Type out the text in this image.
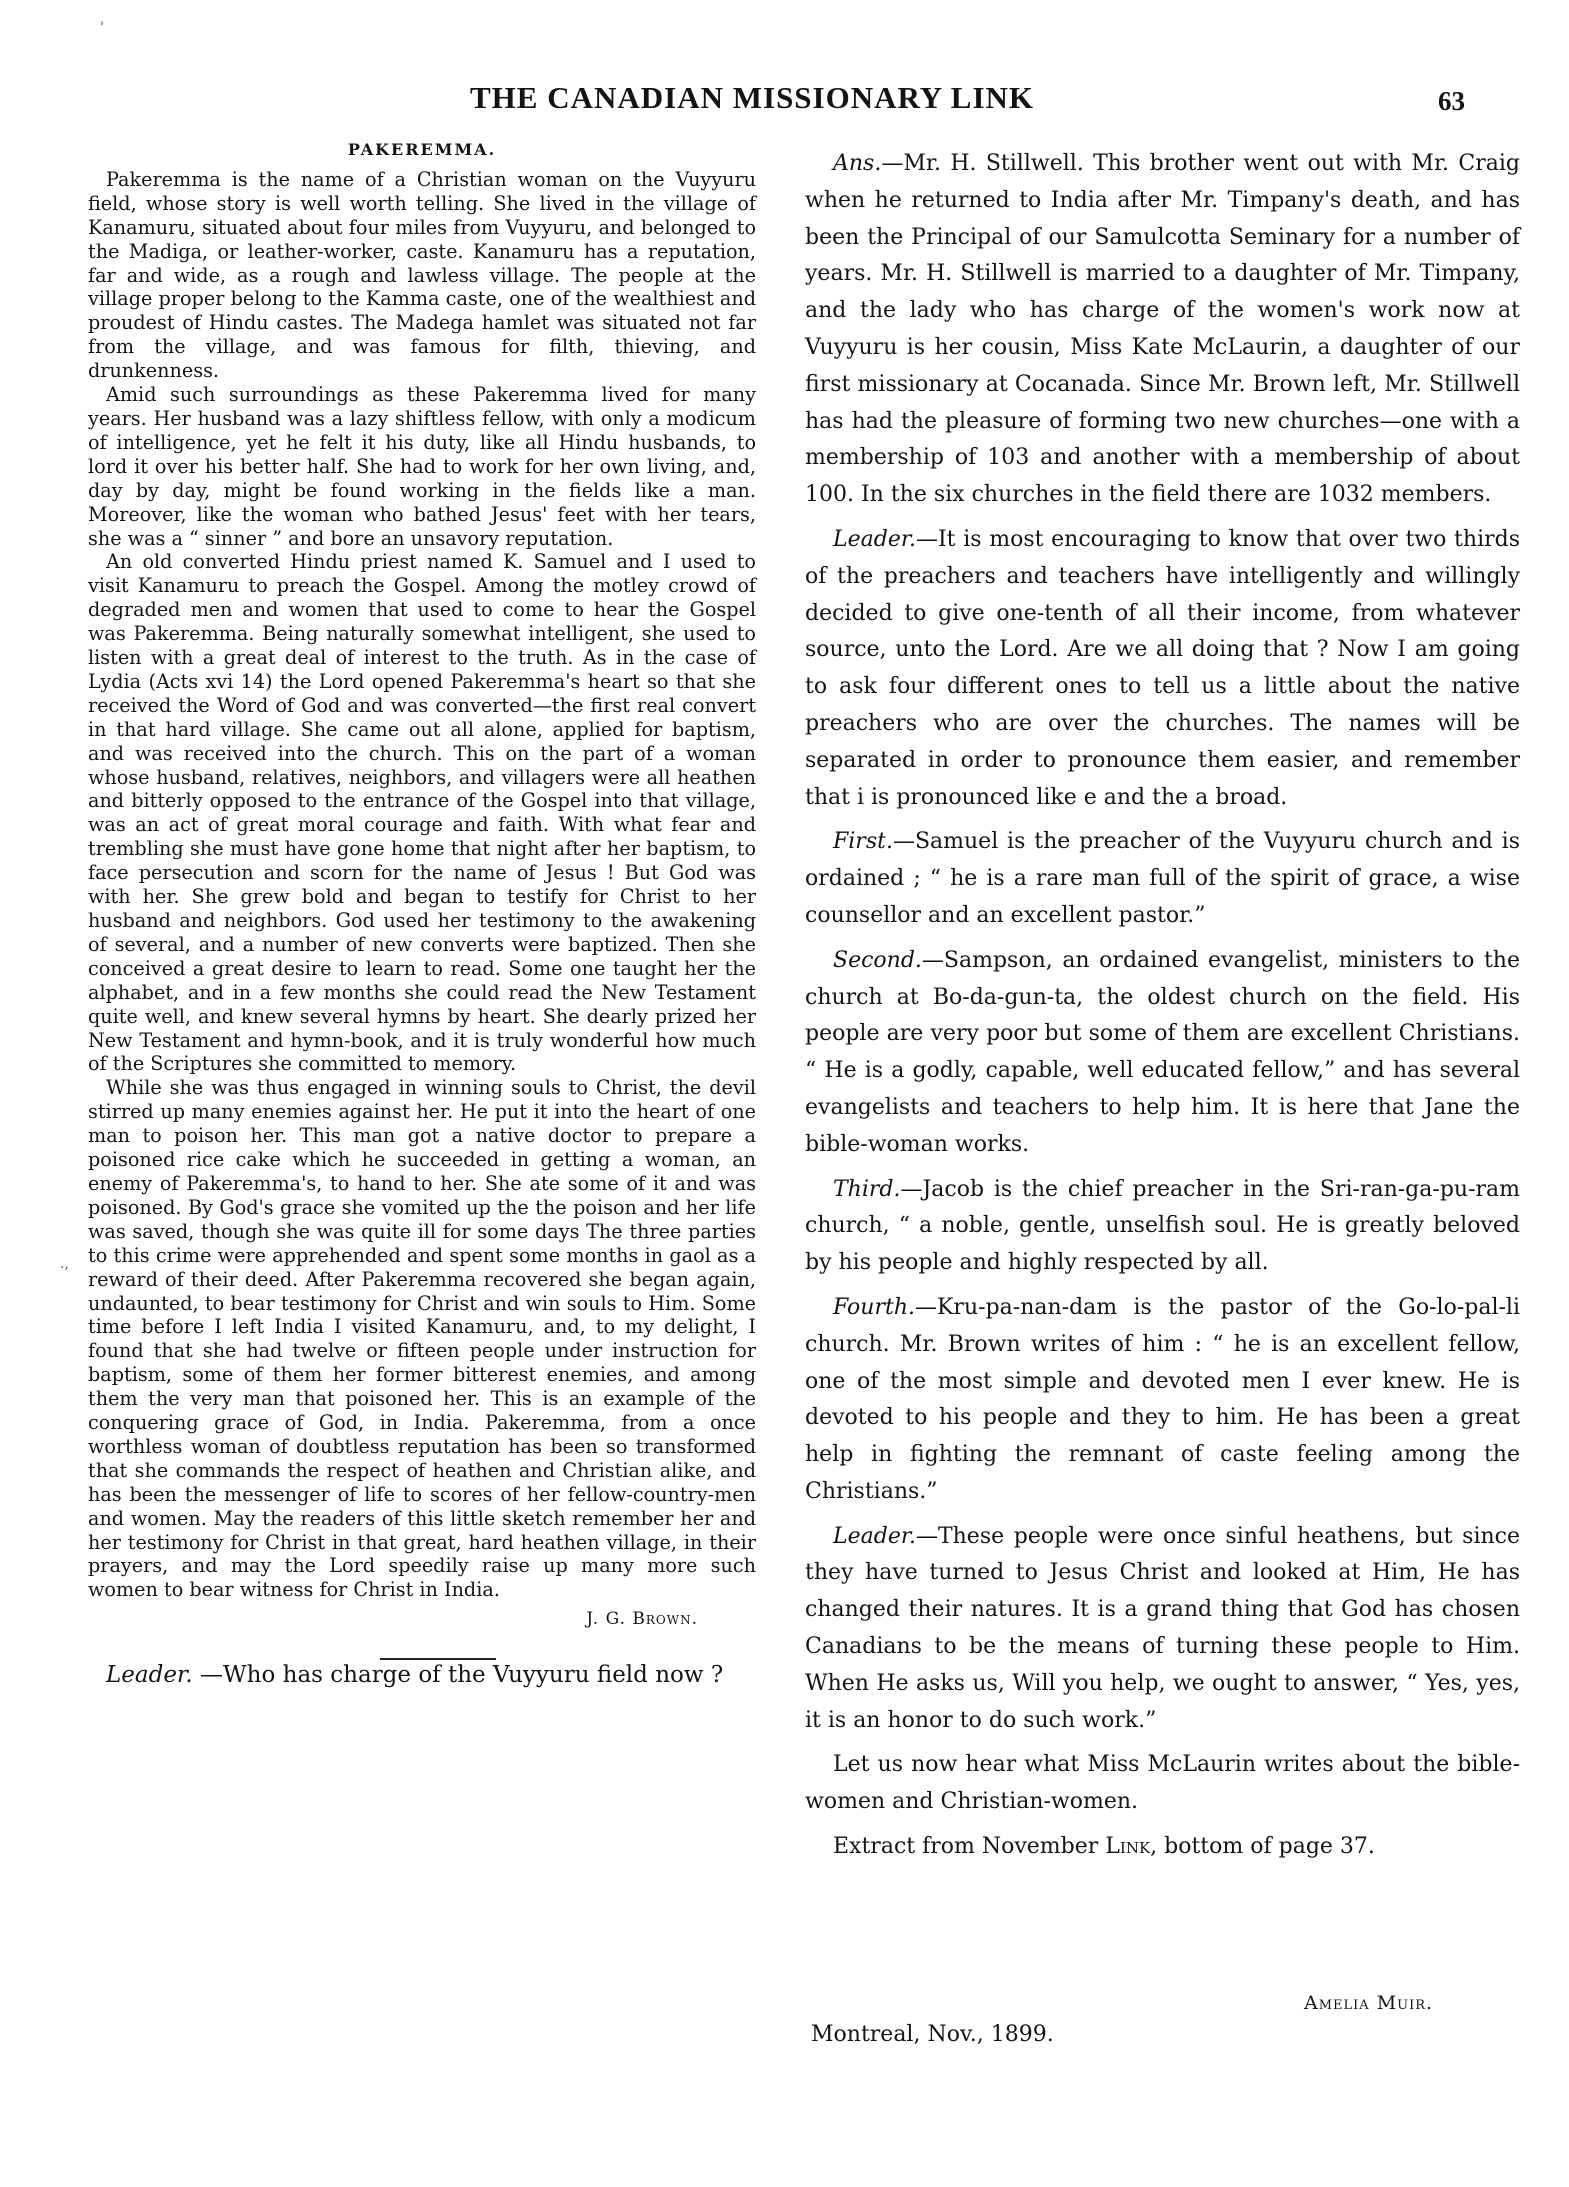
'
.,
THE CANADIAN MISSIONARY LINK	63
PAKEREMMA.

Pakeremma is the name of a Christian woman on the Vuyyuru field, whose story is well worth telling. She lived in the village of Kanamuru, situated about four miles from Vuyyuru, and belonged to the Madiga, or leather-worker, caste. Kanamuru has a reputation, far and wide, as a rough and lawless village. The people at the village proper belong to the Kamma caste, one of the wealthiest and proudest of Hindu castes. The Madega hamlet was situated not far from the village, and was famous for filth, thieving, and drunkenness.

Amid such surroundings as these Pakeremma lived for many years. Her husband was a lazy shiftless fellow, with only a modicum of intelligence, yet he felt it his duty, like all Hindu husbands, to lord it over his better half. She had to work for her own living, and, day by day, might be found working in the fields like a man. Moreover, like the woman who bathed Jesus' feet with her tears, she was a “ sinner ” and bore an unsavory reputation.

An old converted Hindu priest named K. Samuel and I used to visit Kanamuru to preach the Gospel. Among the motley crowd of degraded men and women that used to come to hear the Gospel was Pakeremma. Being naturally somewhat intelligent, she used to listen with a great deal of interest to the truth. As in the case of Lydia (Acts xvi 14) the Lord opened Pakeremma's heart so that she received the Word of God and was converted—the first real convert in that hard village. She came out all alone, applied for baptism, and was received into the church. This on the part of a woman whose husband, relatives, neighbors, and villagers were all heathen and bitterly opposed to the entrance of the Gospel into that village, was an act of great moral courage and faith. With what fear and trembling she must have gone home that night after her baptism, to face persecution and scorn for the name of Jesus ! But God was with her. She grew bold and began to testify for Christ to her husband and neighbors. God used her testimony to the awakening of several, and a number of new converts were baptized. Then she conceived a great desire to learn to read. Some one taught her the alphabet, and in a few months she could read the New Testament quite well, and knew several hymns by heart. She dearly prized her New Testament and hymn-book, and it is truly wonderful how much of the Scriptures she committed to memory.

While she was thus engaged in winning souls to Christ, the devil stirred up many enemies against her. He put it into the heart of one man to poison her. This man got a native doctor to prepare a poisoned rice cake which he succeeded in getting a woman, an enemy of Pakeremma's, to hand to her. She ate some of it and was poisoned. By God's grace she vomited up the the poison and her life was saved, though she was quite ill for some days The three parties to this crime were apprehended and spent some months in gaol as a reward of their deed. After Pakeremma recovered she began again, undaunted, to bear testimony for Christ and win souls to Him. Some time before I left India I visited Kanamuru, and, to my delight, I found that she had twelve or fifteen people under instruction for baptism, some of them her former bitterest enemies, and among them the very man that poisoned her. This is an example of the conquering grace of God, in India. Pakeremma, from a once worthless woman of doubtless reputation has been so transformed that she commands the respect of heathen and Christian alike, and has been the messenger of life to scores of her fellow-country-men and women. May the readers of this little sketch remember her and her testimony for Christ in that great, hard heathen village, in their prayers, and may the Lord speedily raise up many more such women to bear witness for Christ in India.

J. G. Brown.

Leader. —Who has charge of the Vuyyuru field now ?

Ans.—Mr. H. Stillwell. This brother went out with Mr. Craig when he returned to India after Mr. Timpany's death, and has been the Principal of our Samulcotta Seminary for a number of years. Mr. H. Stillwell is married to a daughter of Mr. Timpany, and the lady who has charge of the women's work now at Vuyyuru is her cousin, Miss Kate McLaurin, a daughter of our first missionary at Cocanada. Since Mr. Brown left, Mr. Stillwell has had the pleasure of forming two new churches—one with a membership of 103 and another with a membership of about 100. In the six churches in the field there are 1032 members.

Leader.—It is most encouraging to know that over two thirds of the preachers and teachers have intelligently and willingly decided to give one-tenth of all their income, from whatever source, unto the Lord. Are we all doing that ? Now I am going to ask four different ones to tell us a little about the native preachers who are over the churches. The names will be separated in order to pronounce them easier, and remember that i is pronounced like e and the a broad.

First.—Samuel is the preacher of the Vuyyuru church and is ordained ; “ he is a rare man full of the spirit of grace, a wise counsellor and an excellent pastor.”

Second.—Sampson, an ordained evangelist, ministers to the church at Bo-da-gun-ta, the oldest church on the field. His people are very poor but some of them are excellent Christians. “ He is a godly, capable, well educated fellow,” and has several evangelists and teachers to help him. It is here that Jane the bible-woman works.

Third.—Jacob is the chief preacher in the Sri-ran-ga-pu-ram church, “ a noble, gentle, unselfish soul. He is greatly beloved by his people and highly respected by all.

Fourth.—Kru-pa-nan-dam is the pastor of the Go-lo-pal-li church. Mr. Brown writes of him : “ he is an excellent fellow, one of the most simple and devoted men I ever knew. He is devoted to his people and they to him. He has been a great help in fighting the remnant of caste feeling among the Christians.”

Leader.—These people were once sinful heathens, but since they have turned to Jesus Christ and looked at Him, He has changed their natures. It is a grand thing that God has chosen Canadians to be the means of turning these people to Him. When He asks us, Will you help, we ought to answer, “ Yes, yes, it is an honor to do such work.”

Let us now hear what Miss McLaurin writes about the bible-women and Christian-women.

Extract from November Link, bottom of page 37.

Amelia Muir.
Montreal, Nov., 1899.
